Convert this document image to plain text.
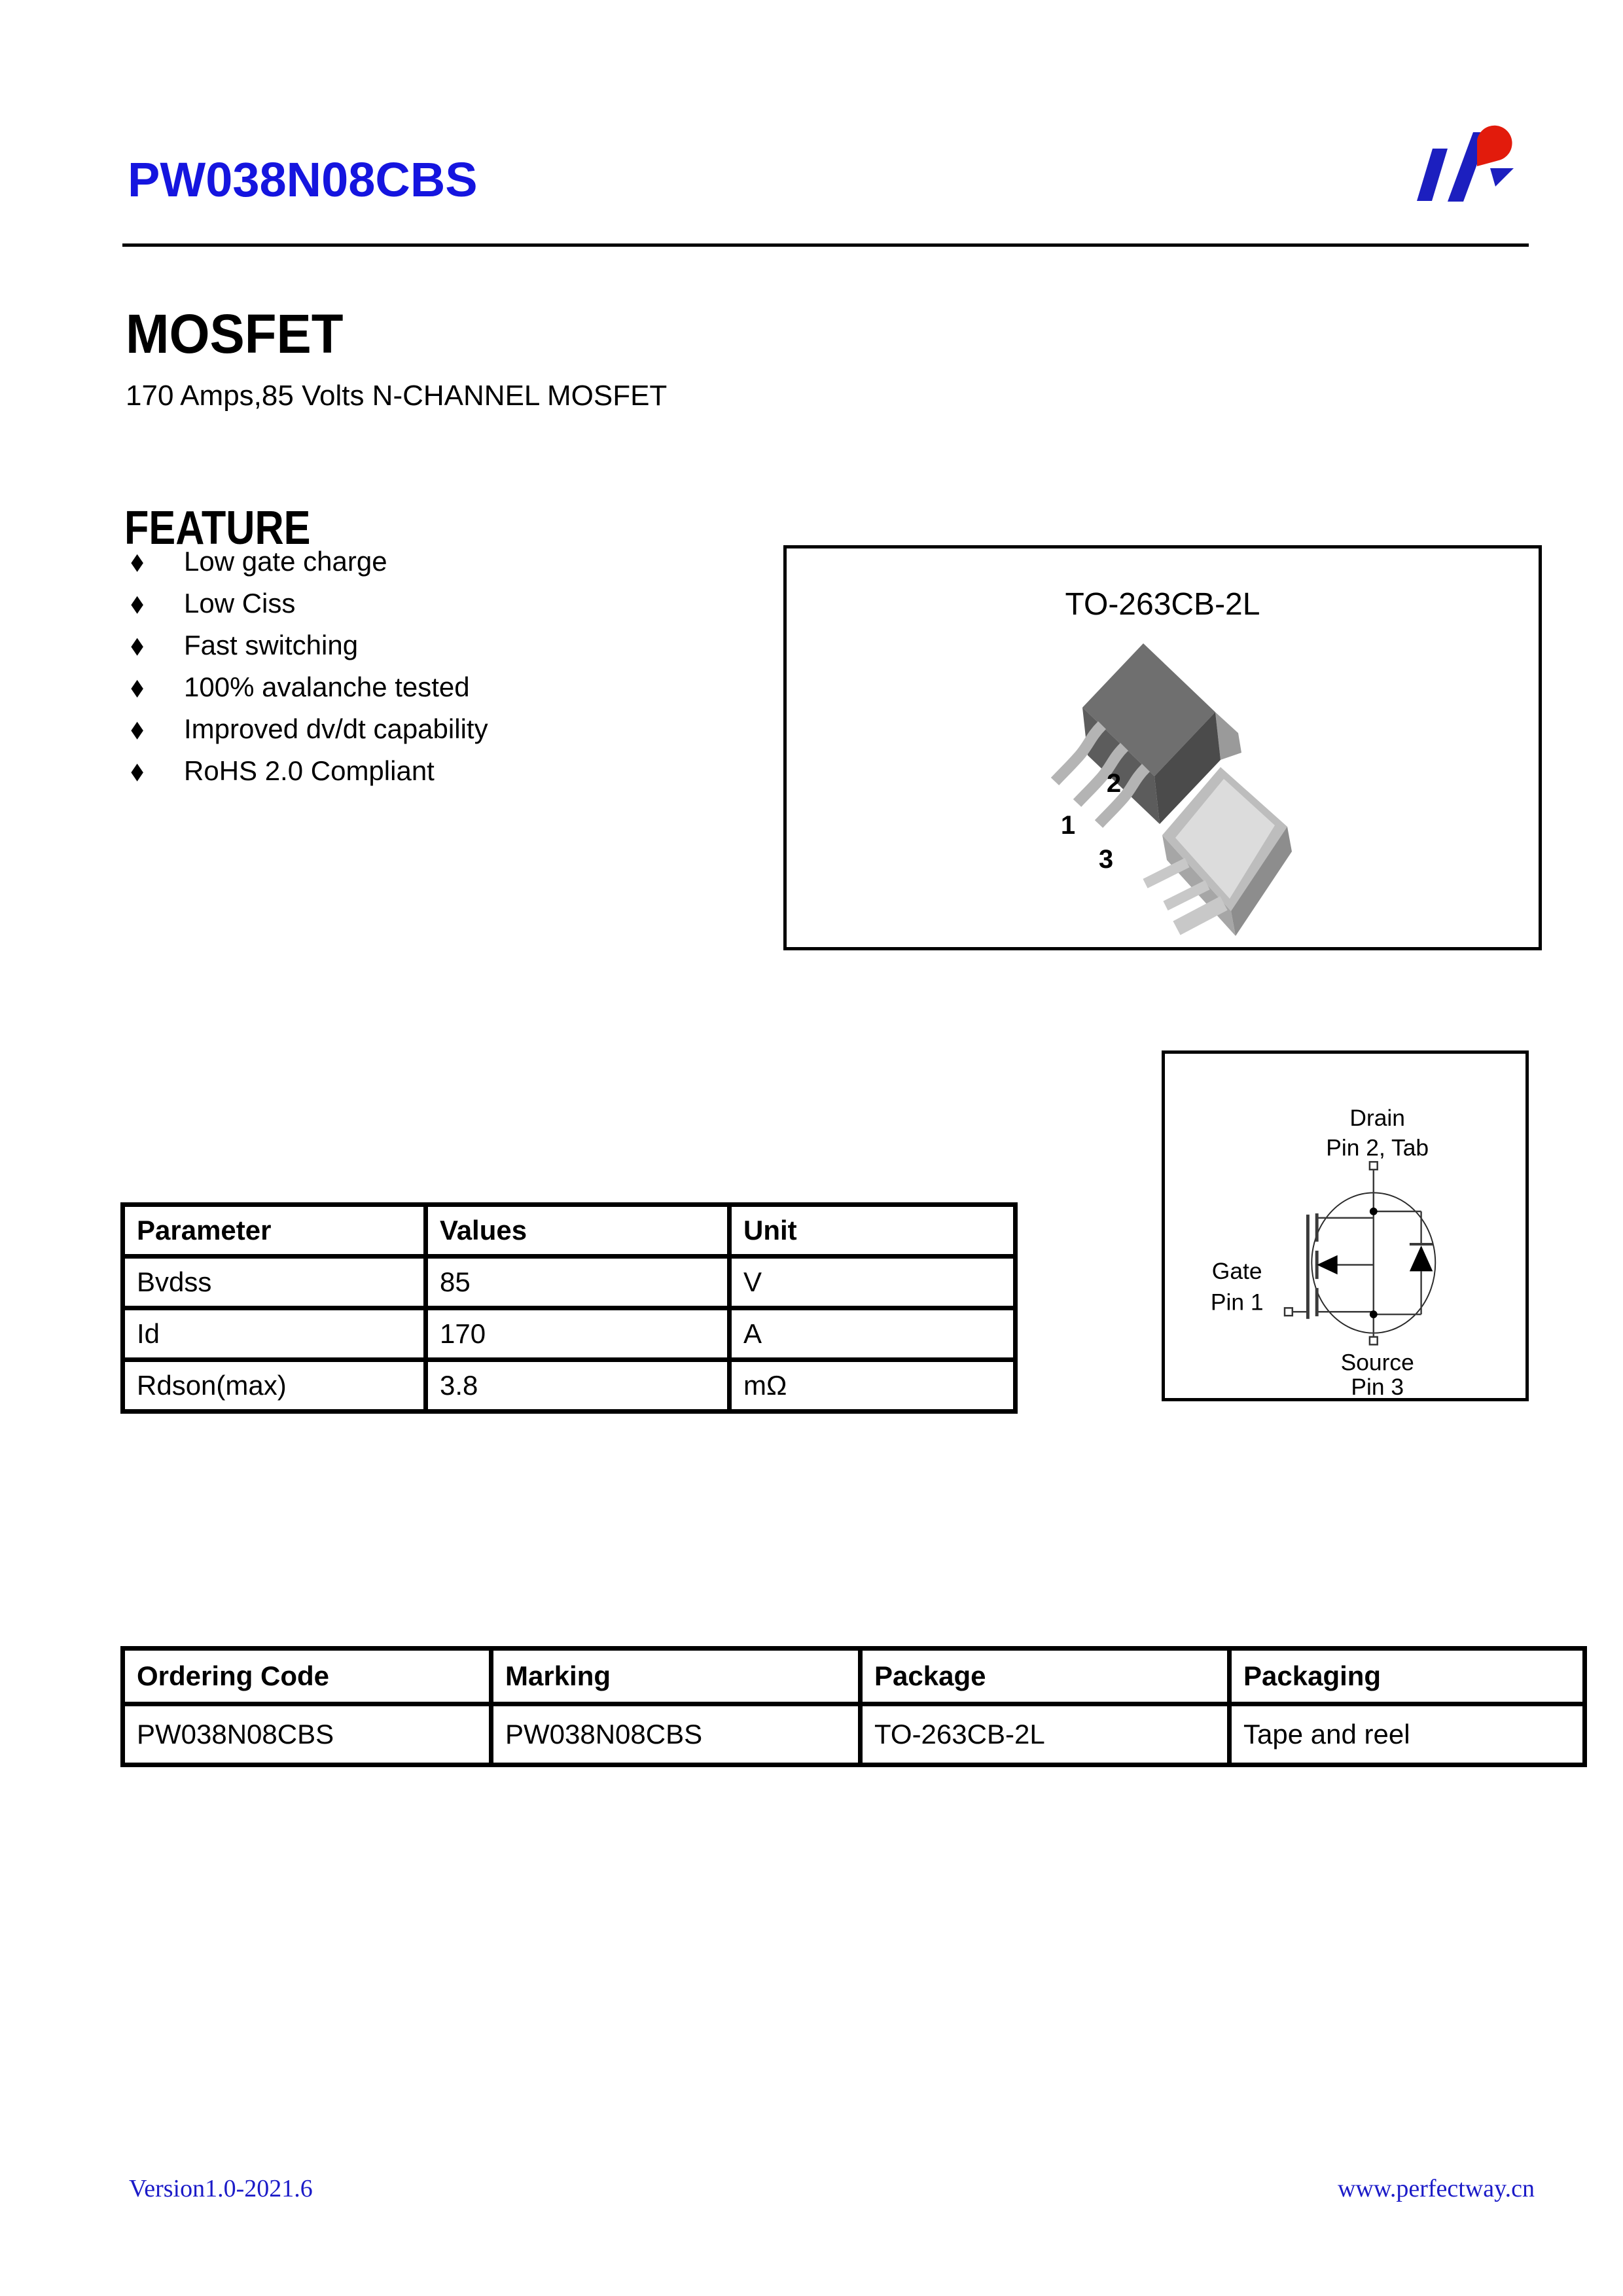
PW038N08CBS
MOSFET
170 Amps,85 Volts N-CHANNEL MOSFET
FEATURE
◆ Low gate charge
◆ Low Ciss
◆ Fast switching
◆ 100% avalanche tested
◆ Improved dv/dt capability
◆ RoHS 2.0 Compliant
1
2
3
TO-263CB-2L
Drain
Pin 2, Tab
Gate
Pin 1
Source
Pin 3
Parameter	Values	Unit
Bvdss	85	V
Id	170	A
Rdson(max)	3.8	mΩ
Ordering Code	Marking	Package	Packaging
PW038N08CBS	PW038N08CBS	TO-263CB-2L	Tape and reel
Version1.0-2021.6	www.perfectway.cn
